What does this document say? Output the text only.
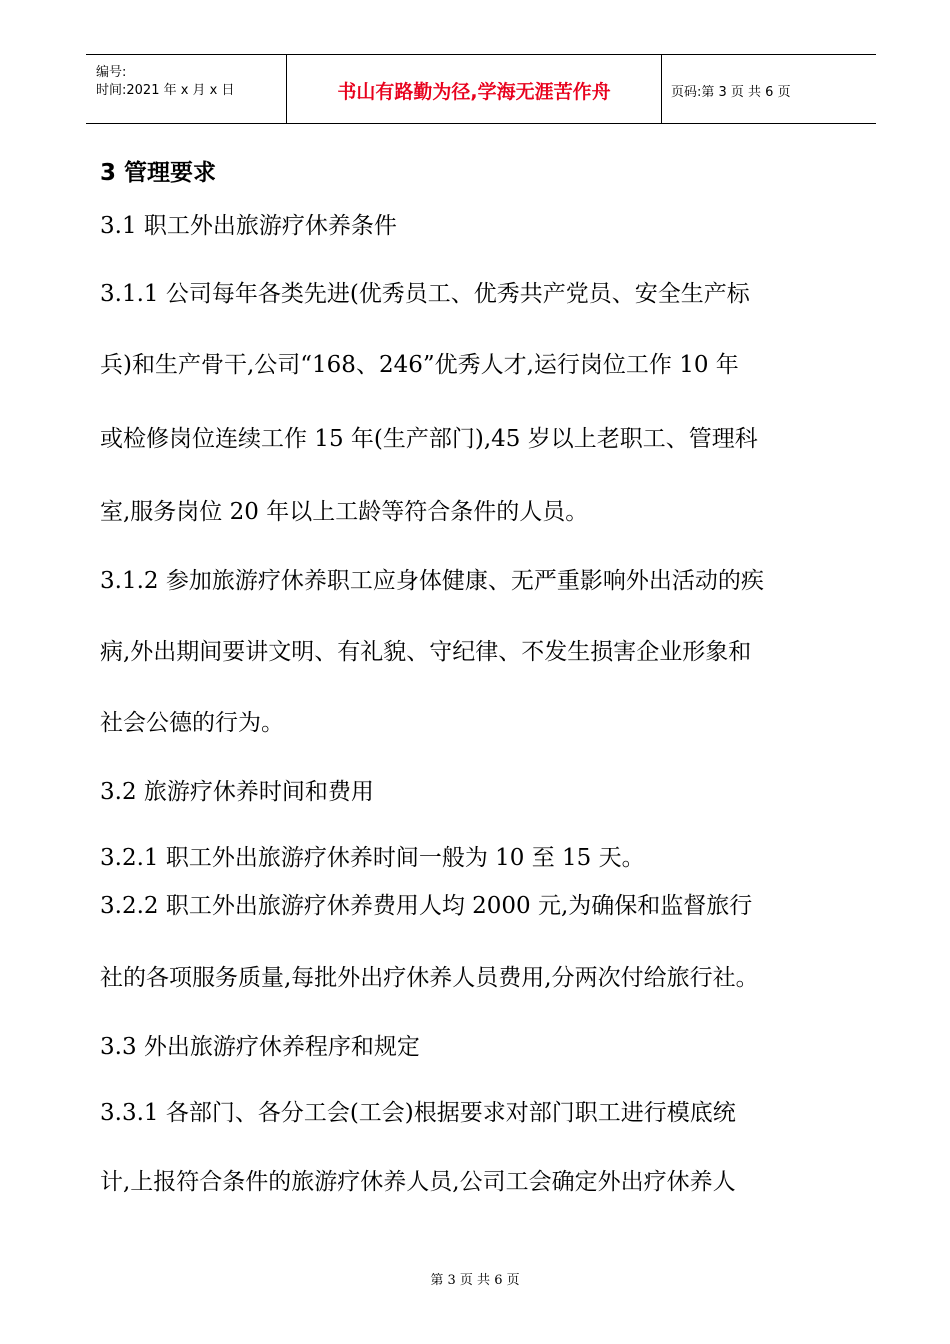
编号:
时间:2021 年 x 月 x 日	书山有路勤为径,学海无涯苦作舟	页码:第 3 页 共 6 页
3 管理要求
3.1 职工外出旅游疗休养条件
3.1.1 公司每年各类先进(优秀员工、优秀共产党员、安全生产标
兵)和生产骨干,公司“168、246”优秀人才,运行岗位工作 10 年
或检修岗位连续工作 15 年(生产部门),45 岁以上老职工、管理科
室,服务岗位 20 年以上工龄等符合条件的人员。
3.1.2 参加旅游疗休养职工应身体健康、无严重影响外出活动的疾
病,外出期间要讲文明、有礼貌、守纪律、不发生损害企业形象和
社会公德的行为。
3.2 旅游疗休养时间和费用
3.2.1 职工外出旅游疗休养时间一般为 10 至 15 天。
3.2.2 职工外出旅游疗休养费用人均 2000 元,为确保和监督旅行
社的各项服务质量,每批外出疗休养人员费用,分两次付给旅行社。
3.3 外出旅游疗休养程序和规定
3.3.1 各部门、各分工会(工会)根据要求对部门职工进行模底统
计,上报符合条件的旅游疗休养人员,公司工会确定外出疗休养人
第 3 页 共 6 页
